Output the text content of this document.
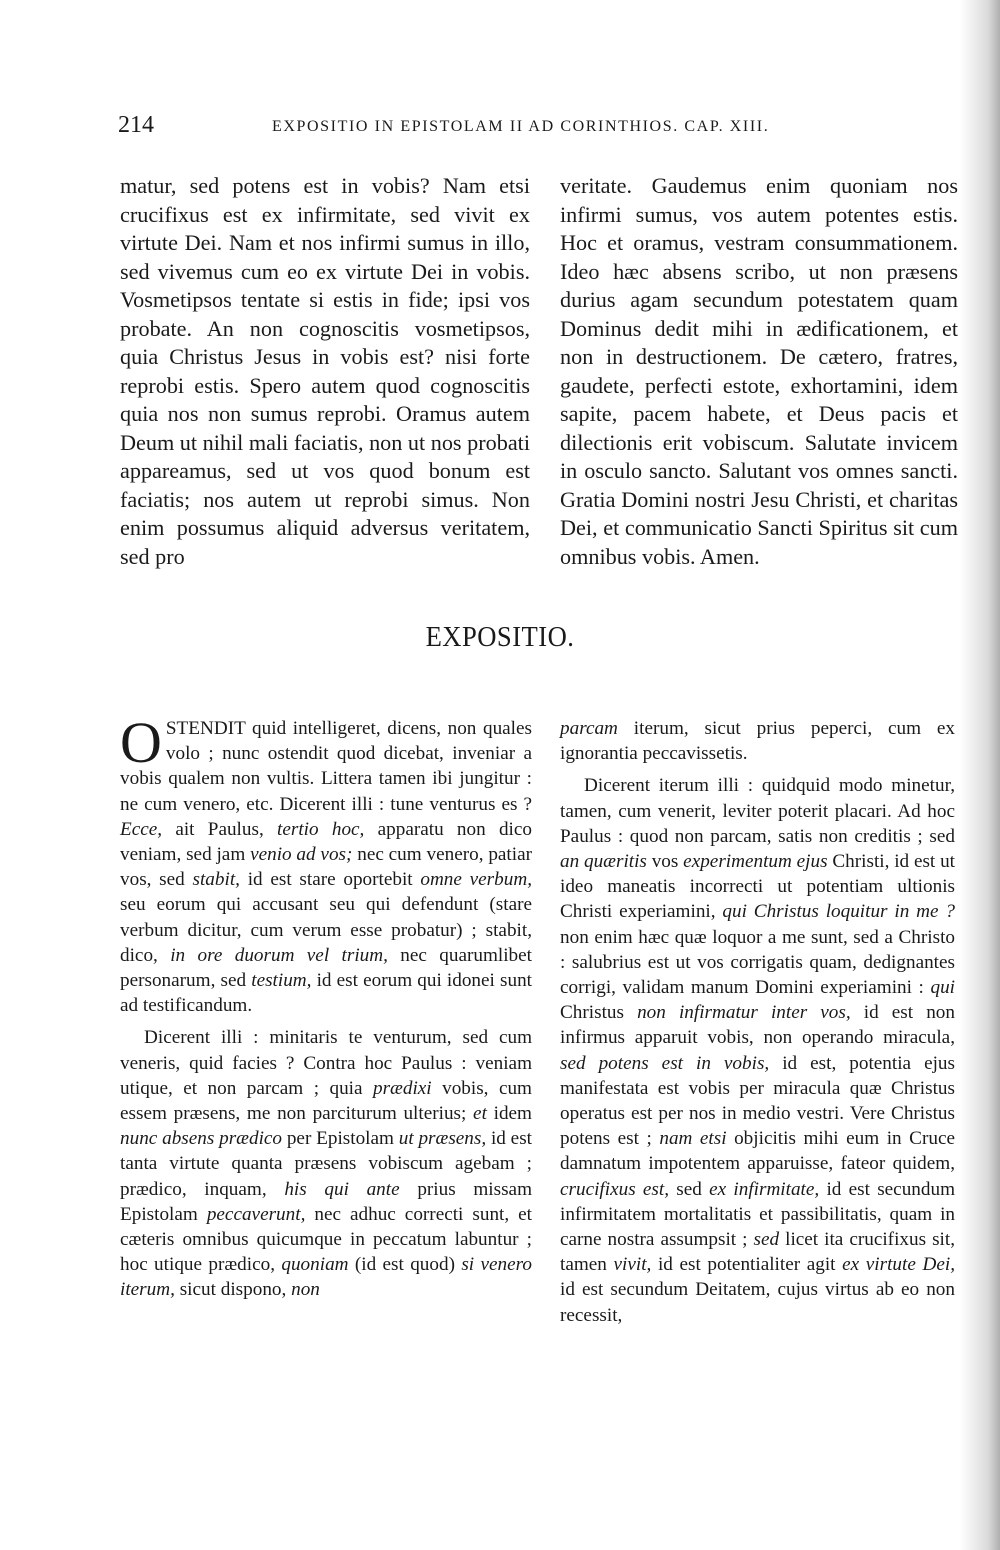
214	EXPOSITIO IN EPISTOLAM II AD CORINTHIOS. CAP. XIII.

matur, sed potens est in vobis? Nam etsi crucifixus est ex infirmitate, sed vivit ex virtute Dei. Nam et nos infirmi sumus in illo, sed vivemus cum eo ex virtute Dei in vobis. Vosmetipsos tentate si estis in fide; ipsi vos probate. An non cognoscitis vosmetipsos, quia Christus Jesus in vobis est? nisi forte reprobi estis. Spero autem quod cognoscitis quia nos non sumus reprobi. Oramus autem Deum ut nihil mali faciatis, non ut nos probati appareamus, sed ut vos quod bonum est faciatis; nos autem ut reprobi simus. Non enim possumus aliquid adversus veritatem, sed pro

veritate. Gaudemus enim quoniam nos infirmi sumus, vos autem potentes estis. Hoc et oramus, vestram consummationem. Ideo hæc absens scribo, ut non præsens durius agam secundum potestatem quam Dominus dedit mihi in ædificationem, et non in destructionem. De cætero, fratres, gaudete, perfecti estote, exhortamini, idem sapite, pacem habete, et Deus pacis et dilectionis erit vobiscum. Salutate invicem in osculo sancto. Salutant vos omnes sancti. Gratia Domini nostri Jesu Christi, et charitas Dei, et communicatio Sancti Spiritus sit cum omnibus vobis. Amen.

EXPOSITIO.

O STENDIT quid intelligeret, dicens, non quales volo ; nunc ostendit quod dicebat, inveniar a vobis qualem non vultis. Littera tamen ibi jungitur : ne cum venero, etc. Dicerent illi : tune venturus es ? Ecce, ait Paulus, tertio hoc, apparatu non dico veniam, sed jam venio ad vos; nec cum venero, patiar vos, sed stabit, id est stare oportebit omne verbum, seu eorum qui accusant seu qui defendunt (stare verbum dicitur, cum verum esse probatur) ; stabit, dico, in ore duorum vel trium, nec quarumlibet personarum, sed testium, id est eorum qui idonei sunt ad testificandum.

Dicerent illi : minitaris te venturum, sed cum veneris, quid facies ? Contra hoc Paulus : veniam utique, et non parcam ; quia prædixi vobis, cum essem præsens, me non parciturum ulterius; et idem nunc absens prædico per Epistolam ut præsens, id est tanta virtute quanta præsens vobiscum agebam ; prædico, inquam, his qui ante prius missam Epistolam peccaverunt, nec adhuc correcti sunt, et cæteris omnibus quicumque in peccatum labuntur ; hoc utique prædico, quoniam (id est quod) si venero iterum, sicut dispono, non

parcam iterum, sicut prius peperci, cum ex ignorantia peccavissetis.

Dicerent iterum illi : quidquid modo minetur, tamen, cum venerit, leviter poterit placari. Ad hoc Paulus : quod non parcam, satis non creditis ; sed an quæritis vos experimentum ejus Christi, id est ut ideo maneatis incorrecti ut potentiam ultionis Christi experiamini, qui Christus loquitur in me ? non enim hæc quæ loquor a me sunt, sed a Christo : salubrius est ut vos corrigatis quam, dedignantes corrigi, validam manum Domini experiamini : qui Christus non infirmatur inter vos, id est non infirmus apparuit vobis, non operando miracula, sed potens est in vobis, id est, potentia ejus manifestata est vobis per miracula quæ Christus operatus est per nos in medio vestri. Vere Christus potens est ; nam etsi objicitis mihi eum in Cruce damnatum impotentem apparuisse, fateor quidem, crucifixus est, sed ex infirmitate, id est secundum infirmitatem mortalitatis et passibilitatis, quam in carne nostra assumpsit ; sed licet ita crucifixus sit, tamen vivit, id est potentialiter agit ex virtute Dei, id est secundum Deitatem, cujus virtus ab eo non recessit,
